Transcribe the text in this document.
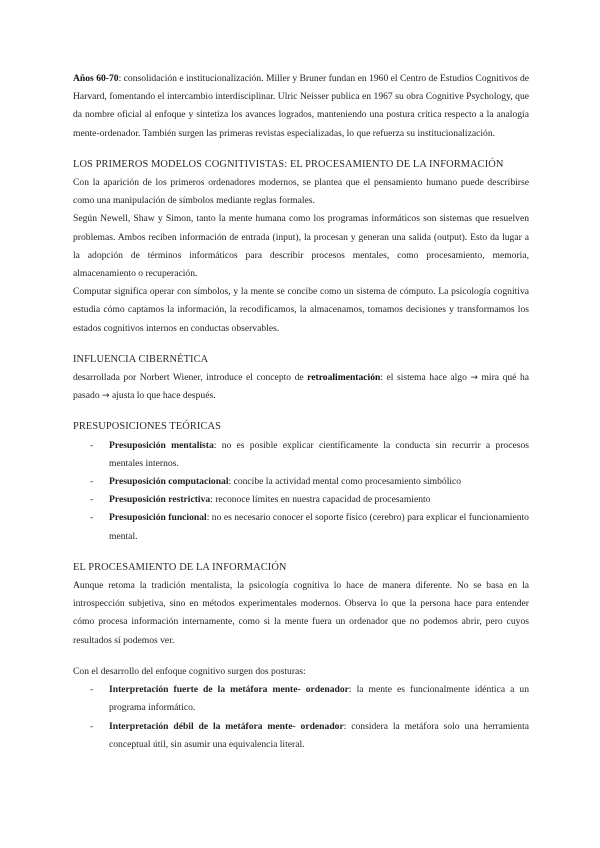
Años 60-70: consolidación e institucionalización. Miller y Bruner fundan en 1960 el Centro de Estudios Cognitivos de Harvard, fomentando el intercambio interdisciplinar. Ulric Neisser publica en 1967 su obra Cognitive Psychology, que da nombre oficial al enfoque y sintetiza los avances logrados, manteniendo una postura crítica respecto a la analogía mente-ordenador. También surgen las primeras revistas especializadas, lo que refuerza su institucionalización.

LOS PRIMEROS MODELOS COGNITIVISTAS: EL PROCESAMIENTO DE LA INFORMACIÓN

Con la aparición de los primeros ordenadores modernos, se plantea que el pensamiento humano puede describirse como una manipulación de símbolos mediante reglas formales.

Según Newell, Shaw y Simon, tanto la mente humana como los programas informáticos son sistemas que resuelven problemas. Ambos reciben información de entrada (input), la procesan y generan una salida (output). Esto da lugar a la adopción de términos informáticos para describir procesos mentales, como procesamiento, memoria, almacenamiento o recuperación.

Computar significa operar con símbolos, y la mente se concibe como un sistema de cómputo. La psicología cognitiva estudia cómo captamos la información, la recodificamos, la almacenamos, tomamos decisiones y transformamos los estados cognitivos internos en conductas observables.

INFLUENCIA CIBERNÉTICA

desarrollada por Norbert Wiener, introduce el concepto de retroalimentación: el sistema hace algo → mira qué ha pasado → ajusta lo que hace después.

PRESUPOSICIONES TEÓRICAS

- Presuposición mentalista: no es posible explicar científicamente la conducta sin recurrir a procesos mentales internos.
- Presuposición computacional: concibe la actividad mental como procesamiento simbólico
- Presuposición restrictiva: reconoce límites en nuestra capacidad de procesamiento
- Presuposición funcional: no es necesario conocer el soporte físico (cerebro) para explicar el funcionamiento mental.

EL PROCESAMIENTO DE LA INFORMACIÓN

Aunque retoma la tradición mentalista, la psicología cognitiva lo hace de manera diferente. No se basa en la introspección subjetiva, sino en métodos experimentales modernos. Observa lo que la persona hace para entender cómo procesa información internamente, como si la mente fuera un ordenador que no podemos abrir, pero cuyos resultados sí podemos ver.

Con el desarrollo del enfoque cognitivo surgen dos posturas:

- Interpretación fuerte de la metáfora mente- ordenador: la mente es funcionalmente idéntica a un programa informático.
- Interpretación débil de la metáfora mente- ordenador: considera la metáfora solo una herramienta conceptual útil, sin asumir una equivalencia literal.
